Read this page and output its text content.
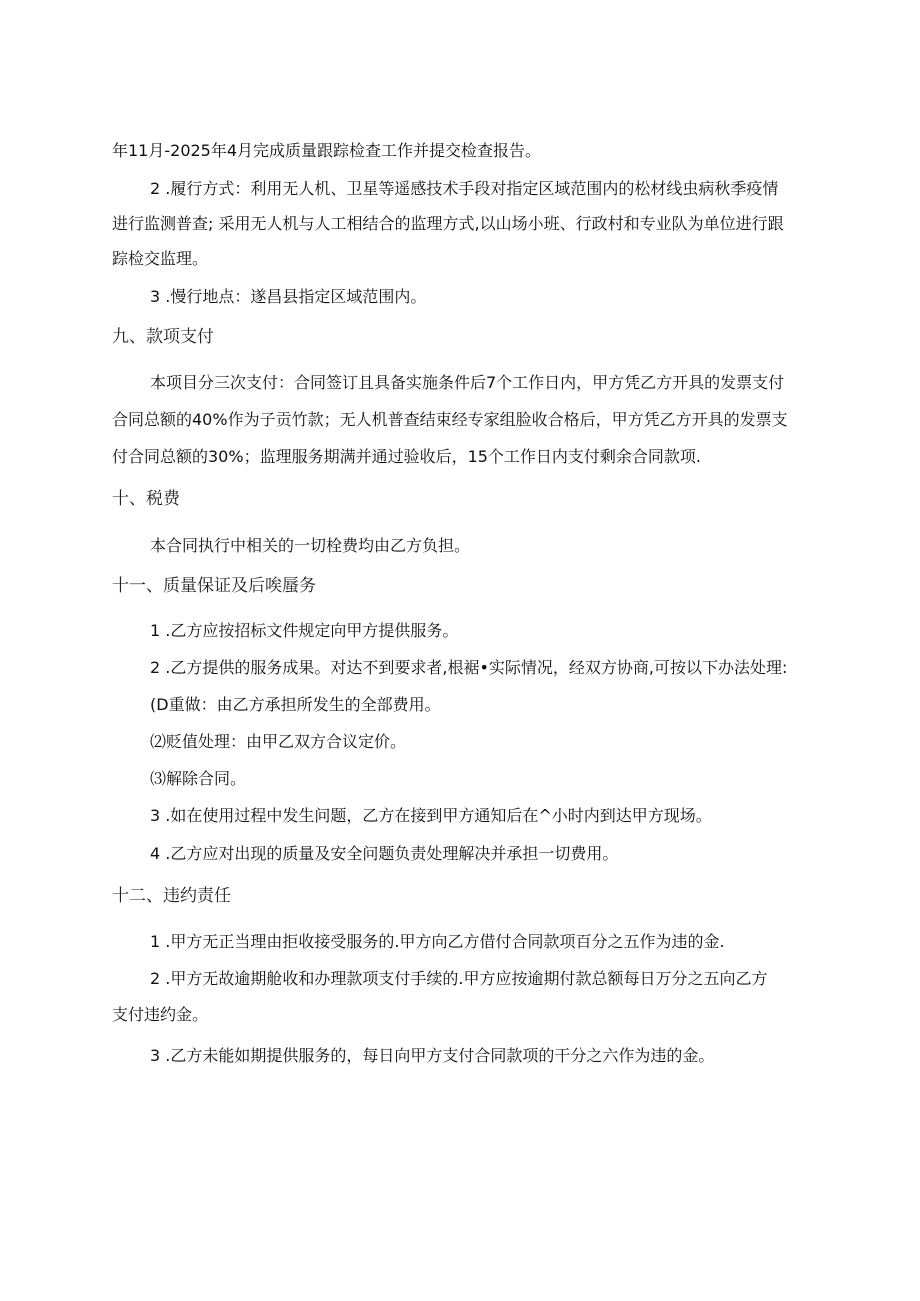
年11月-2025年4月完成质量跟踪检查工作并提交检查报告。
2 .履行方式：利用无人机、卫星等遥感技术手段对指定区域范围内的松材线虫病秋季疫情
进行监测普查; 采用无人机与人工相结合的监理方式,以山场小班、行政村和专业队为单位进行跟
踪检交监理。
3 .慢行地点：遂昌县指定区域范围内。
九、款项支付
本项目分三次支付：合同签订且具备实施条件后7个工作日内，甲方凭乙方开具的发票支付
合同总额的40%作为子贡竹款；无人机普查结束经专家组脸收合格后，甲方凭乙方开具的发票支
付合同总额的30%；监理服务期满并通过验收后，15个工作日内支付剩余合同款项.
十、税费
本合同执行中相关的一切栓费均由乙方负担。
十一、质量保证及后唉蜃务
1 .乙方应按招标文件规定向甲方提供服务。
2 .乙方提供的服务成果。对达不到要求者,根裾•实际情况，经双方协商,可按以下办法处理:
(D重做：由乙方承担所发生的全部费用。
⑵贬值处理：由甲乙双方合议定价。
⑶解除合同。
3 .如在使用过程中发生问题，乙方在接到甲方通知后在^小时内到达甲方现场。
4 .乙方应对出现的质量及安全问题负责处理解决并承担一切费用。
十二、违约责任
1 .甲方无正当理由拒收接受服务的.甲方向乙方借付合同款项百分之五作为违的金.
2 .甲方无故逾期舱收和办理款项支付手续的.甲方应按逾期付款总额每日万分之五向乙方
支付违约金。
3 .乙方未能如期提供服务的，每日向甲方支付合同款项的干分之六作为违的金。
